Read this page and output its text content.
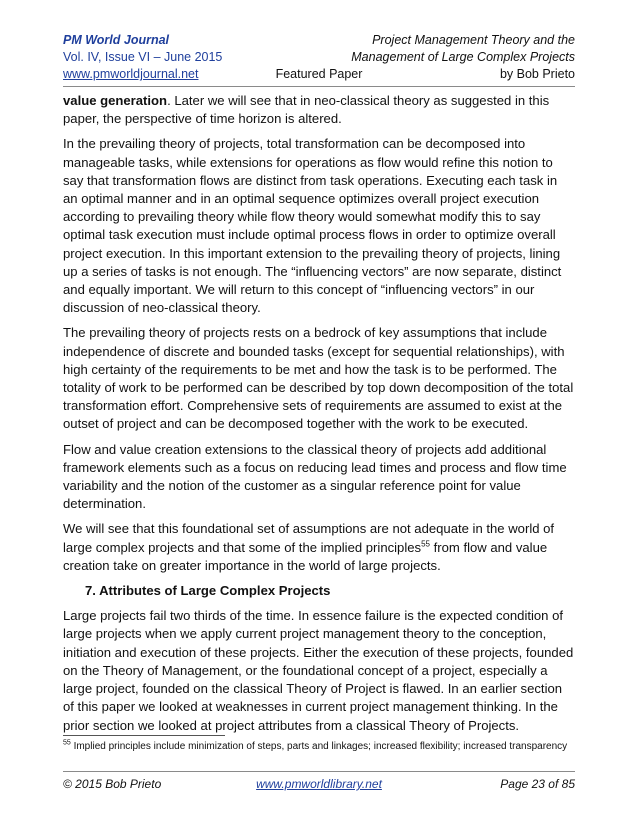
PM World Journal	Project Management Theory and the
Vol. IV, Issue VI – June 2015	Management of Large Complex Projects
www.pmworldjournal.net	Featured Paper	by Bob Prieto

value generation. Later we will see that in neo-classical theory as suggested in this paper, the perspective of time horizon is altered.

In the prevailing theory of projects, total transformation can be decomposed into manageable tasks, while extensions for operations as flow would refine this notion to say that transformation flows are distinct from task operations. Executing each task in an optimal manner and in an optimal sequence optimizes overall project execution according to prevailing theory while flow theory would somewhat modify this to say optimal task execution must include optimal process flows in order to optimize overall project execution. In this important extension to the prevailing theory of projects, lining up a series of tasks is not enough. The “influencing vectors” are now separate, distinct and equally important. We will return to this concept of “influencing vectors” in our discussion of neo-classical theory.

The prevailing theory of projects rests on a bedrock of key assumptions that include independence of discrete and bounded tasks (except for sequential relationships), with high certainty of the requirements to be met and how the task is to be performed. The totality of work to be performed can be described by top down decomposition of the total transformation effort. Comprehensive sets of requirements are assumed to exist at the outset of project and can be decomposed together with the work to be executed.

Flow and value creation extensions to the classical theory of projects add additional framework elements such as a focus on reducing lead times and process and flow time variability and the notion of the customer as a singular reference point for value determination.

We will see that this foundational set of assumptions are not adequate in the world of large complex projects and that some of the implied principles$^{55}$ from flow and value creation take on greater importance in the world of large projects.

7. Attributes of Large Complex Projects

Large projects fail two thirds of the time. In essence failure is the expected condition of large projects when we apply current project management theory to the conception, initiation and execution of these projects. Either the execution of these projects, founded on the Theory of Management, or the foundational concept of a project, especially a large project, founded on the classical Theory of Project is flawed. In an earlier section of this paper we looked at weaknesses in current project management thinking. In the prior section we looked at project attributes from a classical Theory of Projects.

$^{55}$ Implied principles include minimization of steps, parts and linkages; increased flexibility; increased transparency
© 2015 Bob Prieto	www.pmworldlibrary.net	Page 23 of 85
